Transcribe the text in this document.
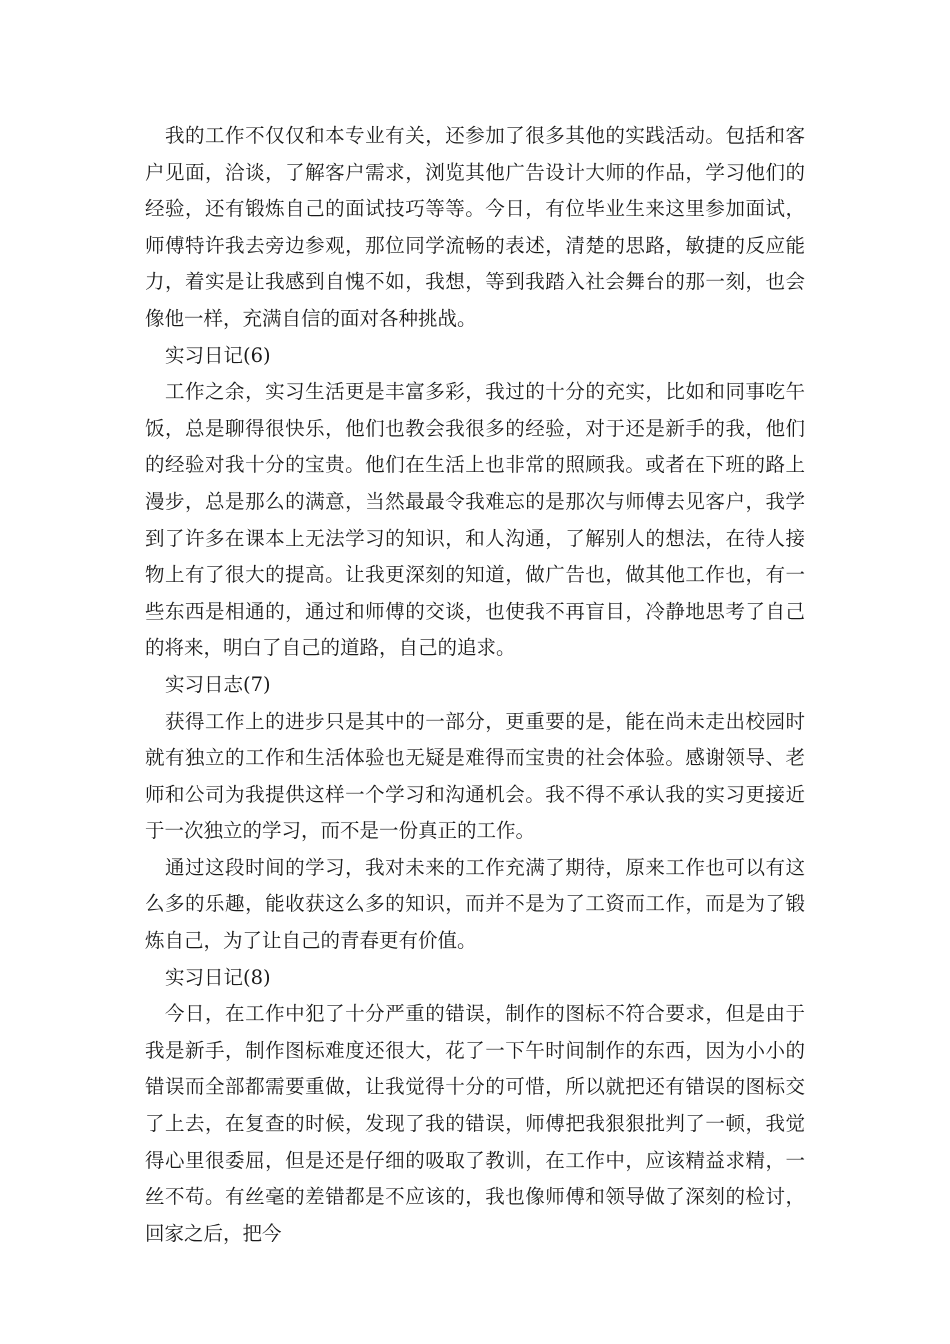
我的工作不仅仅和本专业有关，还参加了很多其他的实践活动。包括和客户见面，洽谈，了解客户需求，浏览其他广告设计大师的作品，学习他们的经验，还有锻炼自己的面试技巧等等。今日，有位毕业生来这里参加面试，师傅特许我去旁边参观，那位同学流畅的表述，清楚的思路，敏捷的反应能力，着实是让我感到自愧不如，我想，等到我踏入社会舞台的那一刻，也会像他一样，充满自信的面对各种挑战。

实习日记(6)

工作之余，实习生活更是丰富多彩，我过的十分的充实，比如和同事吃午饭，总是聊得很快乐，他们也教会我很多的经验，对于还是新手的我，他们的经验对我十分的宝贵。他们在生活上也非常的照顾我。或者在下班的路上漫步，总是那么的满意，当然最最令我难忘的是那次与师傅去见客户，我学到了许多在课本上无法学习的知识，和人沟通，了解别人的想法，在待人接物上有了很大的提高。让我更深刻的知道，做广告也，做其他工作也，有一些东西是相通的，通过和师傅的交谈，也使我不再盲目，冷静地思考了自己的将来，明白了自己的道路，自己的追求。

实习日志(7)

获得工作上的进步只是其中的一部分，更重要的是，能在尚未走出校园时就有独立的工作和生活体验也无疑是难得而宝贵的社会体验。感谢领导、老师和公司为我提供这样一个学习和沟通机会。我不得不承认我的实习更接近于一次独立的学习，而不是一份真正的工作。

通过这段时间的学习，我对未来的工作充满了期待，原来工作也可以有这么多的乐趣，能收获这么多的知识，而并不是为了工资而工作，而是为了锻炼自己，为了让自己的青春更有价值。

实习日记(8)

今日，在工作中犯了十分严重的错误，制作的图标不符合要求，但是由于我是新手，制作图标难度还很大，花了一下午时间制作的东西，因为小小的错误而全部都需要重做，让我觉得十分的可惜，所以就把还有错误的图标交了上去，在复查的时候，发现了我的错误，师傅把我狠狠批判了一顿，我觉得心里很委屈，但是还是仔细的吸取了教训，在工作中，应该精益求精，一丝不苟。有丝毫的差错都是不应该的，我也像师傅和领导做了深刻的检讨，回家之后，把今
